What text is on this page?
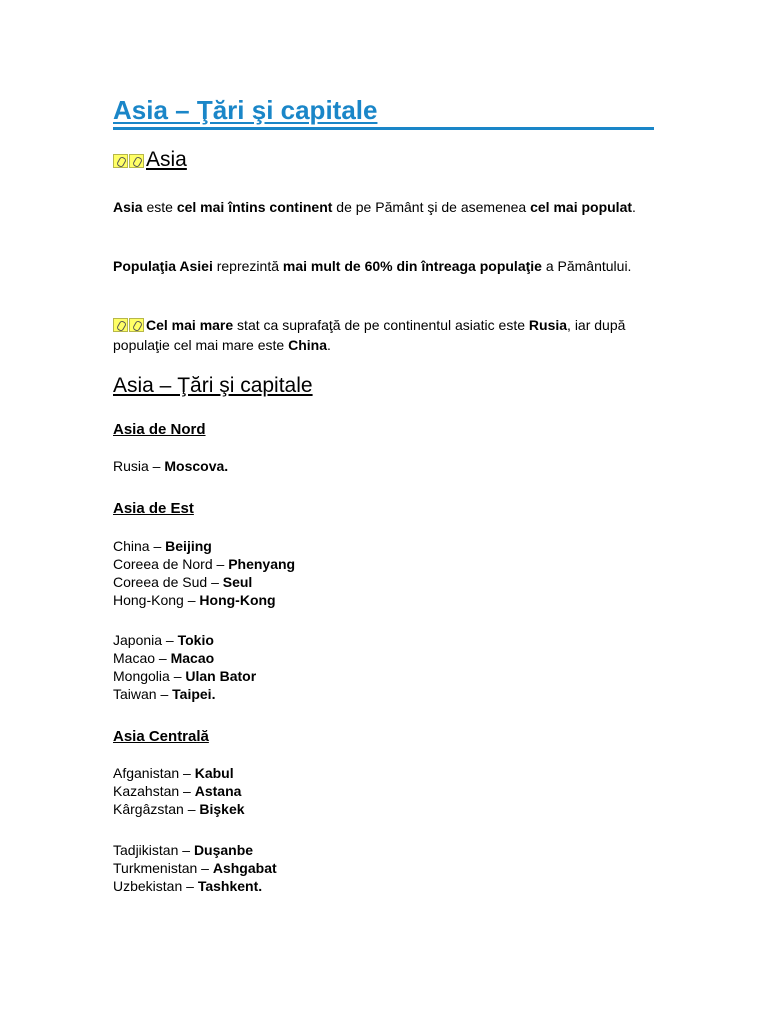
Asia – Ţări şi capitale
Asia
Asia este cel mai întins continent de pe Pământ şi de asemenea cel mai populat.
Populaţia Asiei reprezintă mai mult de 60% din întreaga populaţie a Pământului.
Cel mai mare stat ca suprafaţă de pe continentul asiatic este Rusia, iar după populaţie cel mai mare este China.
Asia – Ţări şi capitale
Asia de Nord
Rusia – Moscova.
Asia de Est
China – Beijing
Coreea de Nord – Phenyang
Coreea de Sud – Seul
Hong-Kong – Hong-Kong
Japonia – Tokio
Macao – Macao
Mongolia – Ulan Bator
Taiwan – Taipei.
Asia Centrală
Afganistan – Kabul
Kazahstan – Astana
Kârgâzstan – Bişkek
Tadjikistan – Duşanbe
Turkmenistan – Ashgabat
Uzbekistan – Tashkent.
